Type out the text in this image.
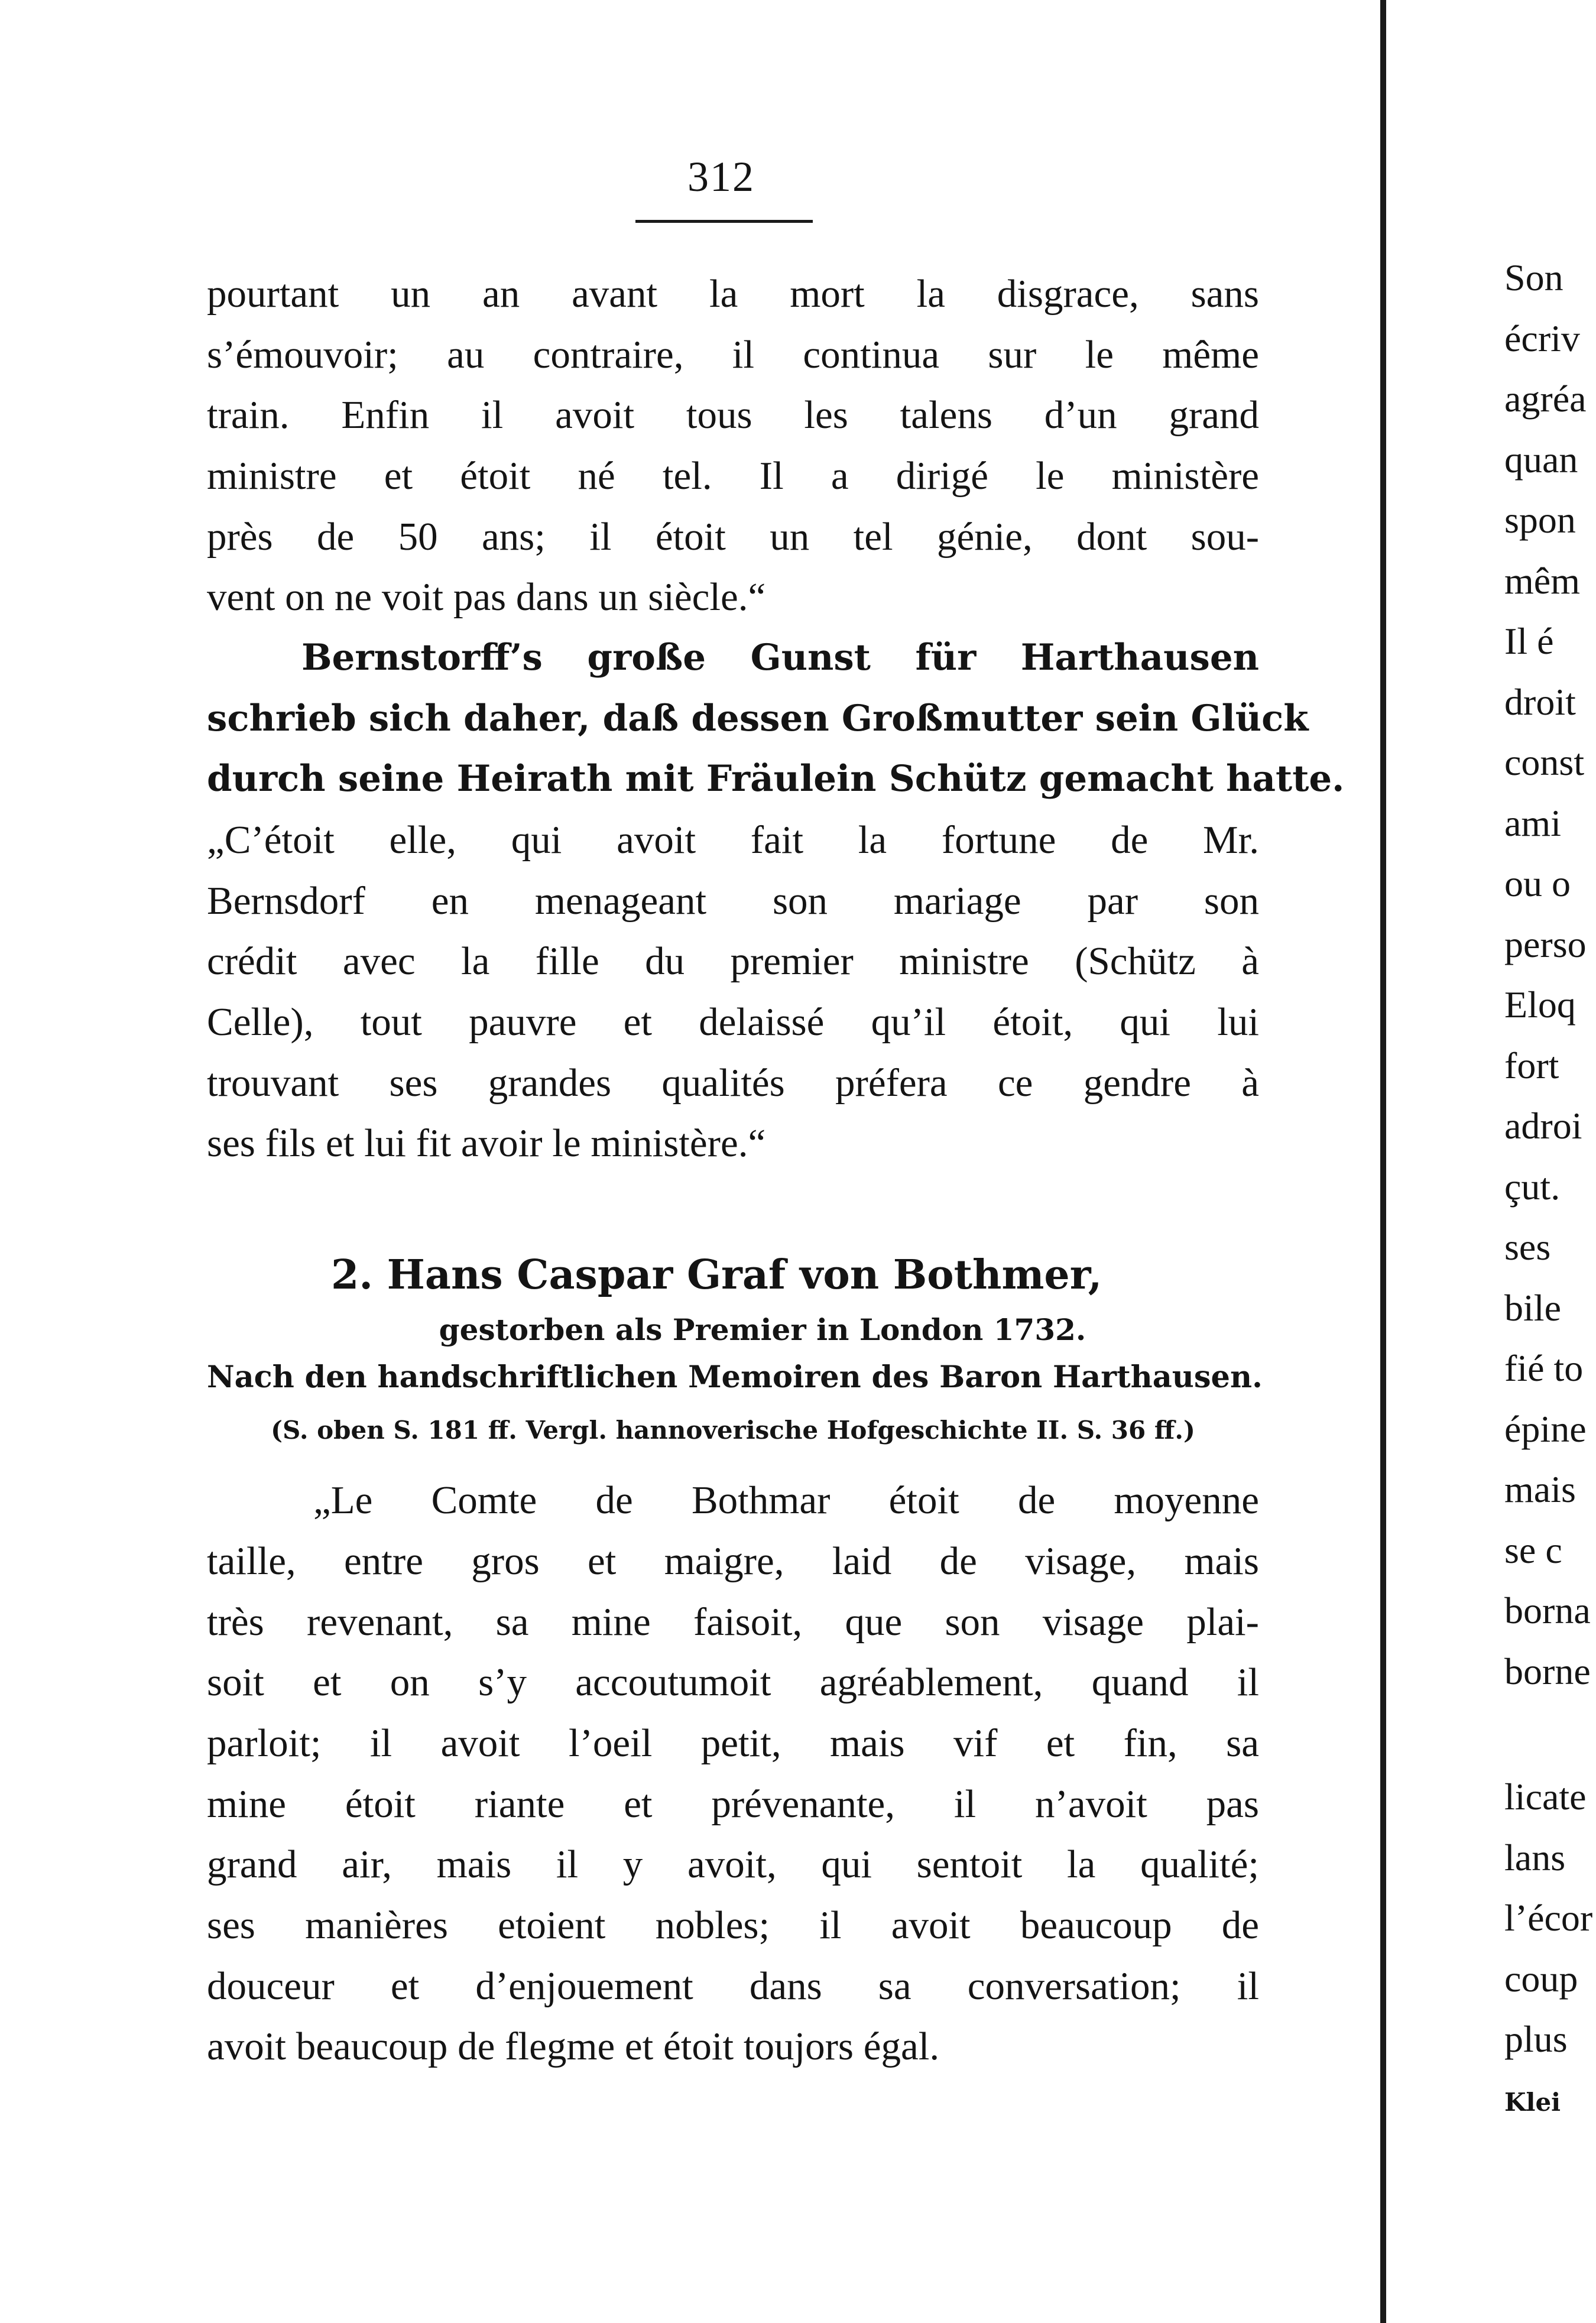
312
pourtant un an avant la mort la disgrace, sans
s’émouvoir; au contraire, il continua sur le même
train. Enfin il avoit tous les talens d’un grand
ministre et étoit né tel. Il a dirigé le ministère
près de 50 ans; il étoit un tel génie, dont sou-
vent on ne voit pas dans un siècle.“
Bernstorff’s große Gunst für Harthausen
schrieb sich daher, daß dessen Großmutter sein Glück
durch seine Heirath mit Fräulein Schütz gemacht hatte.
„C’étoit elle, qui avoit fait la fortune de Mr.
Bernsdorf en menageant son mariage par son
crédit avec la fille du premier ministre (Schütz à
Celle), tout pauvre et delaissé qu’il étoit, qui lui
trouvant ses grandes qualités préfera ce gendre à
ses fils et lui fit avoir le ministère.“
2. Hans Caspar Graf von Bothmer,
gestorben als Premier in London 1732.
Nach den handschriftlichen Memoiren des Baron Harthausen.
(S. oben S. 181 ff. Vergl. hannoverische Hofgeschichte II. S. 36 ff.)
„Le Comte de Bothmar étoit de moyenne
taille, entre gros et maigre, laid de visage, mais
très revenant, sa mine faisoit, que son visage plai-
soit et on s’y accoutumoit agréablement, quand il
parloit; il avoit l’oeil petit, mais vif et fin, sa
mine étoit riante et prévenante, il n’avoit pas
grand air, mais il y avoit, qui sentoit la qualité;
ses manières etoient nobles; il avoit beaucoup de
douceur et d’enjouement dans sa conversation; il
avoit beaucoup de flegme et étoit toujors égal.
Son
écriv
agréa
quan
spon
mêm
Il é
droit
const
ami
ou o
perso
Eloq
fort
adroi
çut.
ses
bile
fié to
épine
mais
se c
borna
borne
licate
lans
l’écor
coup
plus
Klei
